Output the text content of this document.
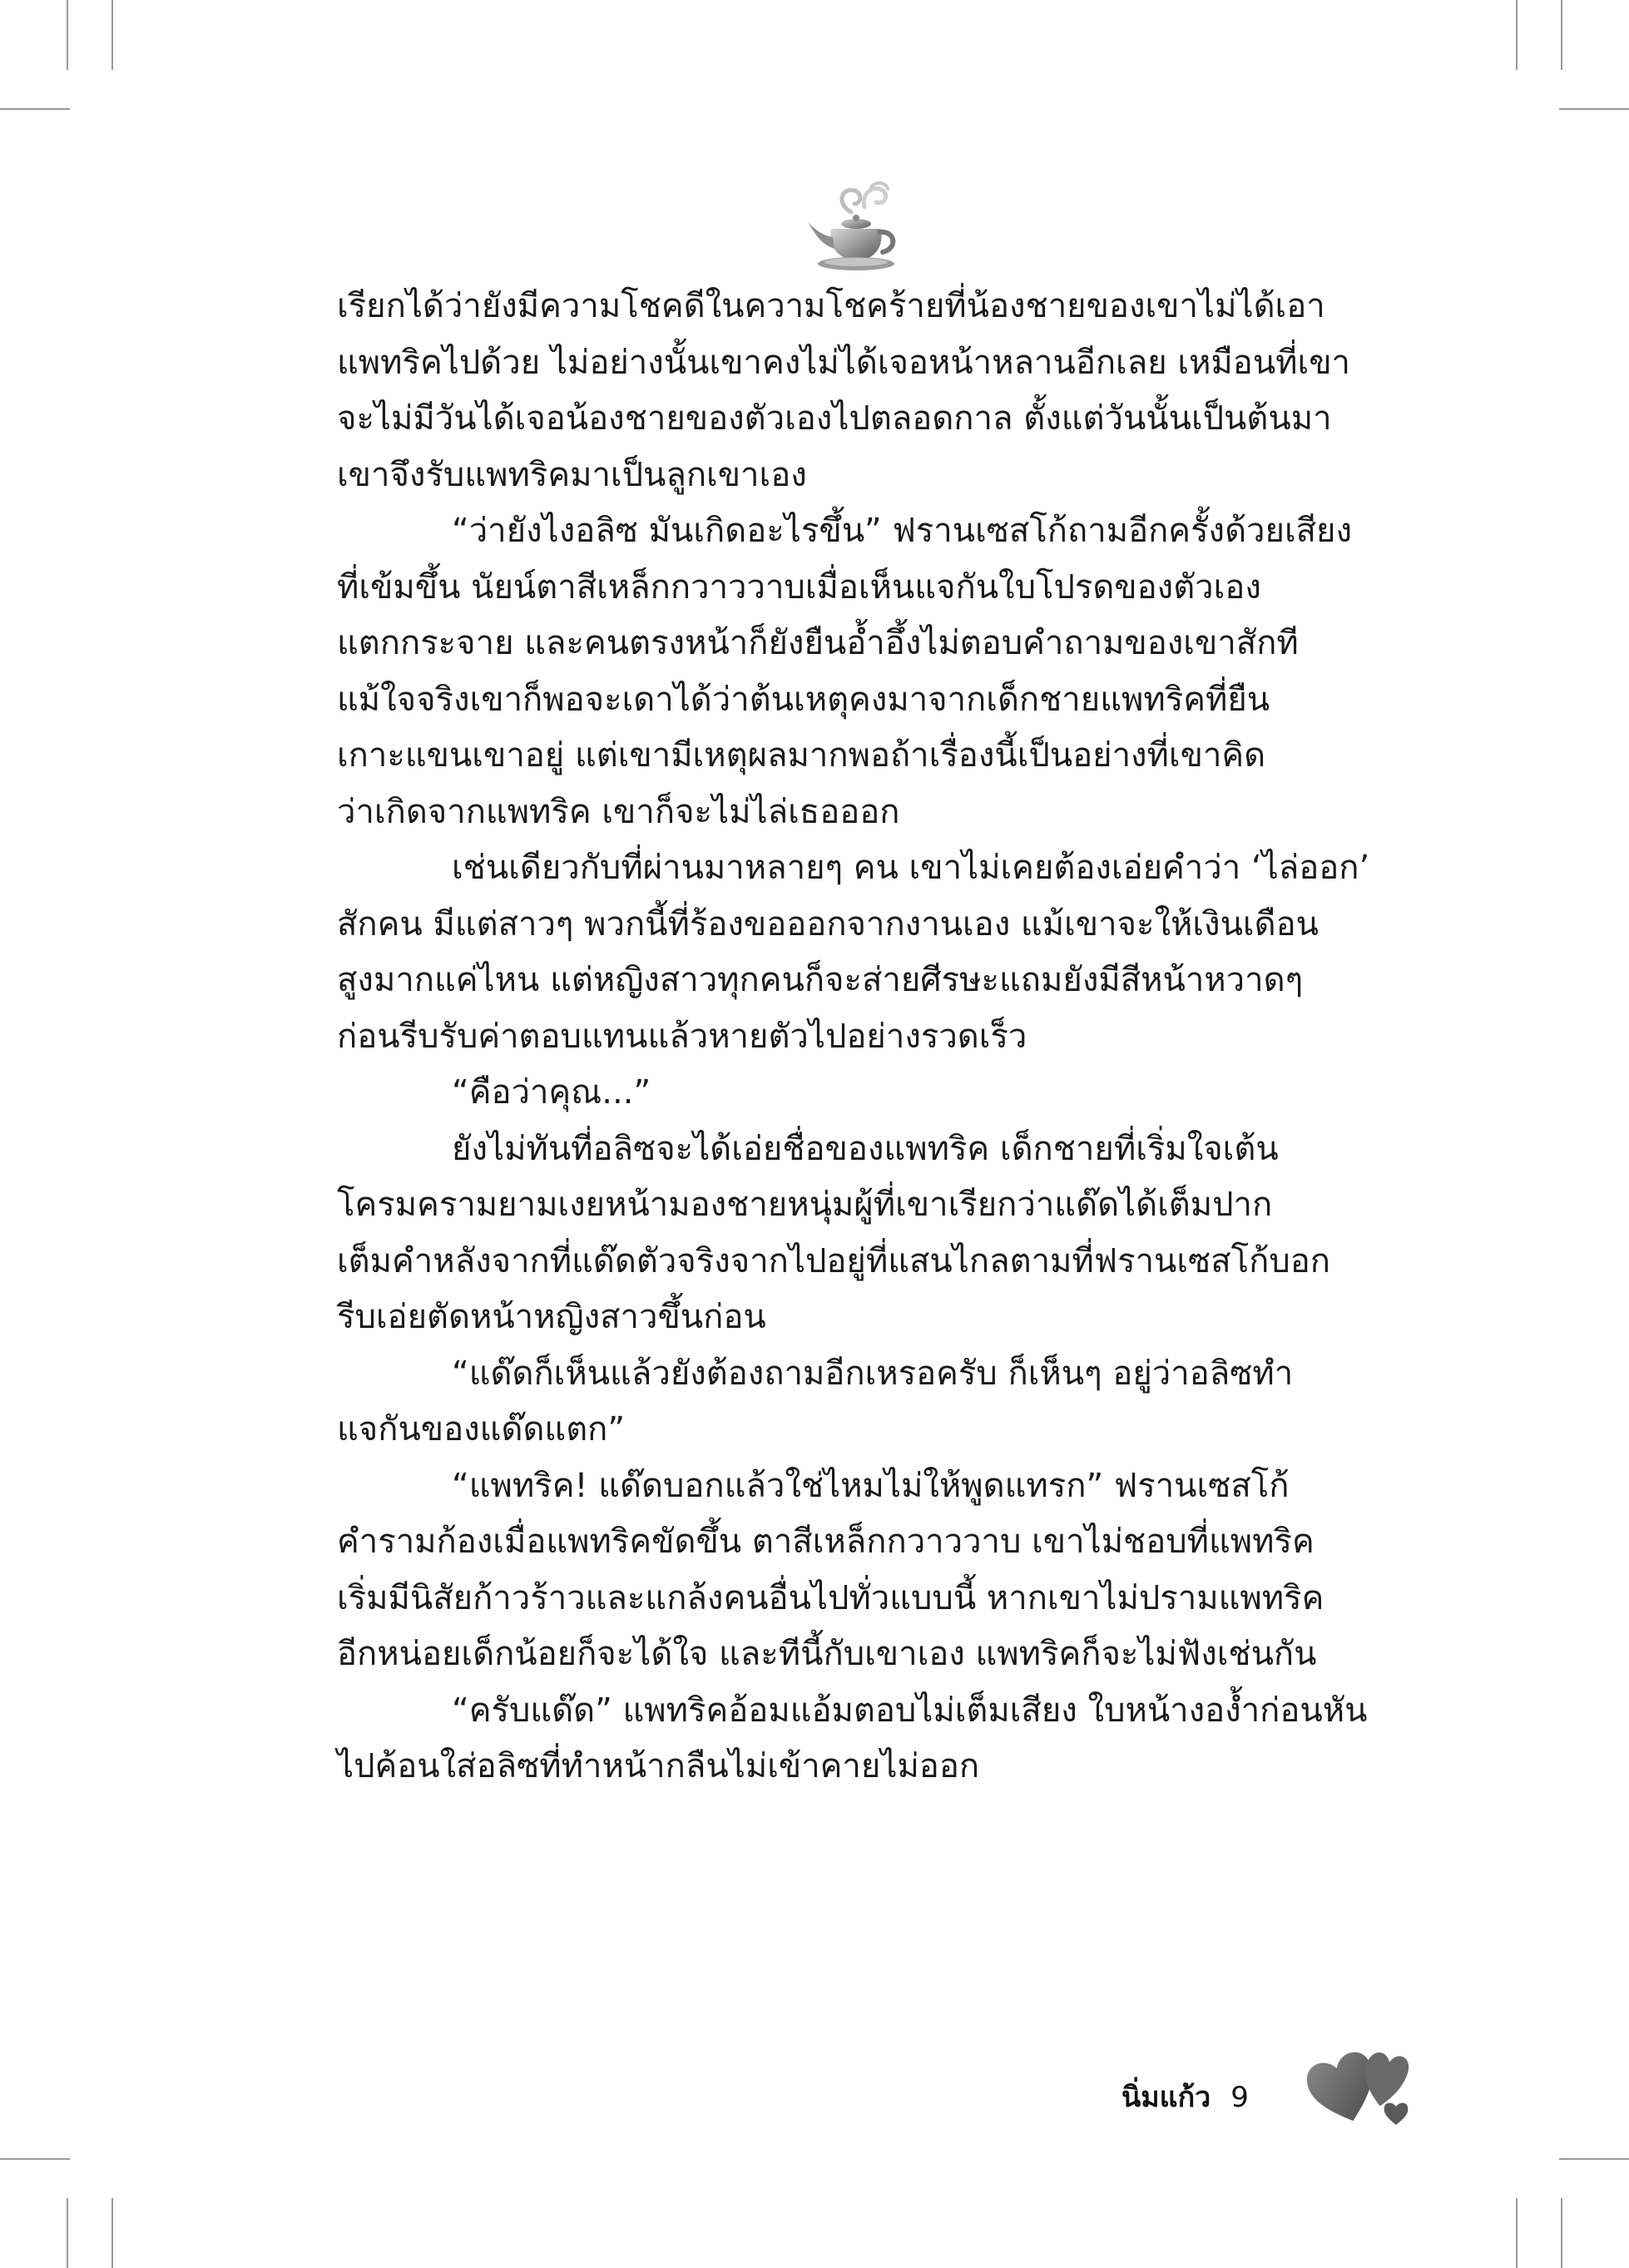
เรียกได้ว่ายังมีความโชคดีในความโชคร้ายที่น้องชายของเขาไม่ได้เอา
แพทริคไปด้วย ไม่อย่างนั้นเขาคงไม่ได้เจอหน้าหลานอีกเลย เหมือนที่เขา
จะไม่มีวันได้เจอน้องชายของตัวเองไปตลอดกาล ตั้งแต่วันนั้นเป็นต้นมา
เขาจึงรับแพทริคมาเป็นลูกเขาเอง

“ว่ายังไงอลิซ มันเกิดอะไรขึ้น” ฟรานเซสโก้ถามอีกครั้งด้วยเสียง
ที่เข้มขึ้น นัยน์ตาสีเหล็กกวาววาบเมื่อเห็นแจกันใบโปรดของตัวเอง
แตกกระจาย และคนตรงหน้าก็ยังยืนอ้ำอึ้งไม่ตอบคำถามของเขาสักที
แม้ใจจริงเขาก็พอจะเดาได้ว่าต้นเหตุคงมาจากเด็กชายแพทริคที่ยืน
เกาะแขนเขาอยู่ แต่เขามีเหตุผลมากพอถ้าเรื่องนี้เป็นอย่างที่เขาคิด
ว่าเกิดจากแพทริค เขาก็จะไม่ไล่เธอออก

เช่นเดียวกับที่ผ่านมาหลายๆ คน เขาไม่เคยต้องเอ่ยคำว่า ‘ไล่ออก’
สักคน มีแต่สาวๆ พวกนี้ที่ร้องขอออกจากงานเอง แม้เขาจะให้เงินเดือน
สูงมากแค่ไหน แต่หญิงสาวทุกคนก็จะส่ายศีรษะแถมยังมีสีหน้าหวาดๆ
ก่อนรีบรับค่าตอบแทนแล้วหายตัวไปอย่างรวดเร็ว

“คือว่าคุณ...”

ยังไม่ทันที่อลิซจะได้เอ่ยชื่อของแพทริค เด็กชายที่เริ่มใจเต้น
โครมครามยามเงยหน้ามองชายหนุ่มผู้ที่เขาเรียกว่าแด๊ดได้เต็มปาก
เต็มคำหลังจากที่แด๊ดตัวจริงจากไปอยู่ที่แสนไกลตามที่ฟรานเซสโก้บอก
รีบเอ่ยตัดหน้าหญิงสาวขึ้นก่อน

“แด๊ดก็เห็นแล้วยังต้องถามอีกเหรอครับ ก็เห็นๆ อยู่ว่าอลิซทำ
แจกันของแด๊ดแตก”

“แพทริค! แด๊ดบอกแล้วใช่ไหมไม่ให้พูดแทรก” ฟรานเซสโก้
คำรามก้องเมื่อแพทริคขัดขึ้น ตาสีเหล็กกวาววาบ เขาไม่ชอบที่แพทริค
เริ่มมีนิสัยก้าวร้าวและแกล้งคนอื่นไปทั่วแบบนี้ หากเขาไม่ปรามแพทริค
อีกหน่อยเด็กน้อยก็จะได้ใจ และทีนี้กับเขาเอง แพทริคก็จะไม่ฟังเช่นกัน

“ครับแด๊ด” แพทริคอ้อมแอ้มตอบไม่เต็มเสียง ใบหน้างอง้ำก่อนหัน
ไปค้อนใส่อลิซที่ทำหน้ากลืนไม่เข้าคายไม่ออก

นิ่มแก้ว 9
